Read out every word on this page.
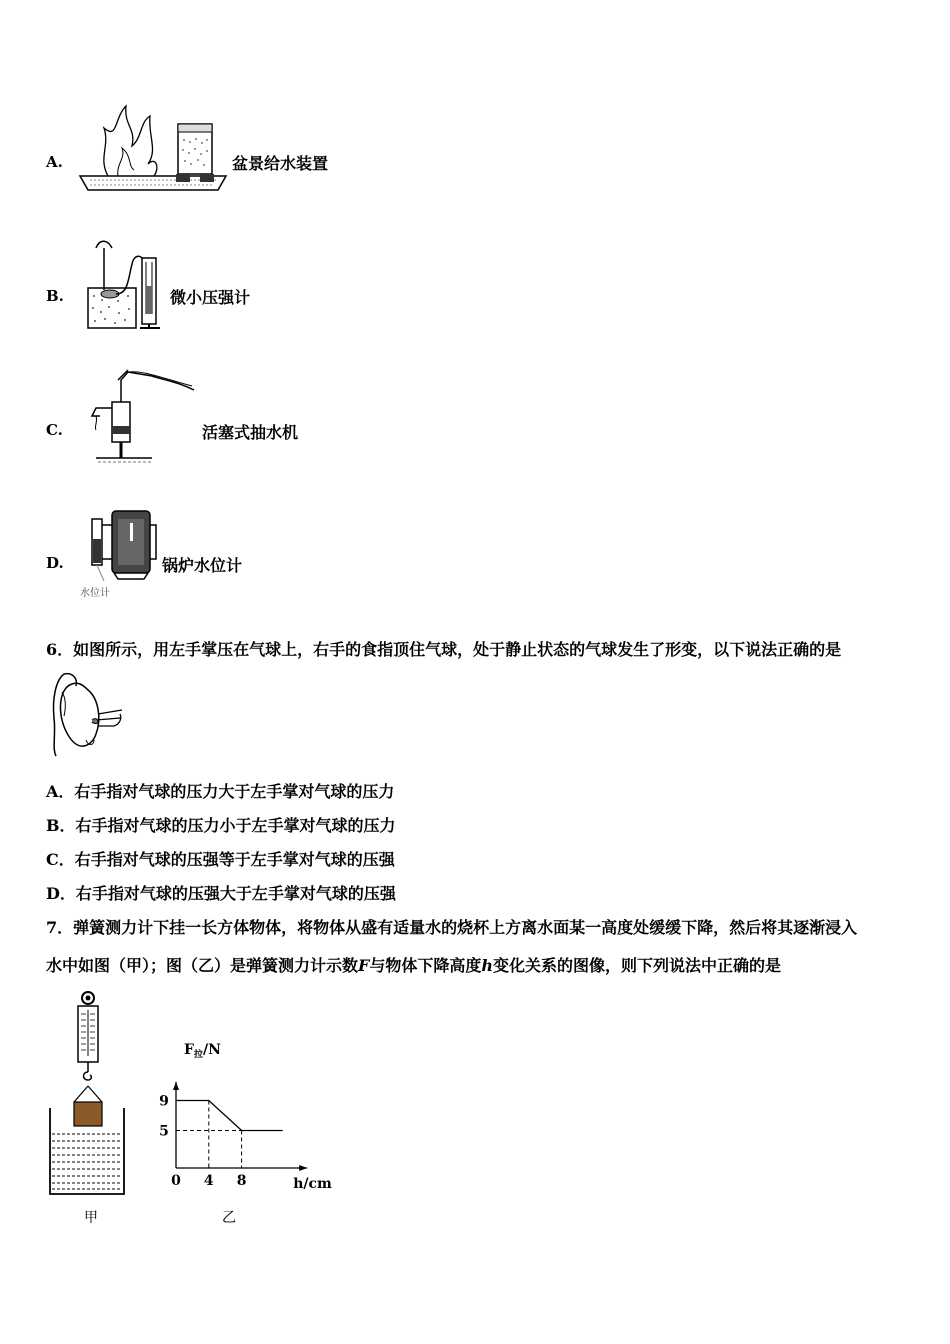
A.	盆景给水装置
B.	微小压强计
C.	活塞式抽水机
D.
水位计
锅炉水位计
6．如图所示，用左手掌压在气球上，右手的食指顶住气球，处于静止状态的气球发生了形变，以下说法正确的是
A．右手指对气球的压力大于左手掌对气球的压力
B．右手指对气球的压力小于左手掌对气球的压力
C．右手指对气球的压强等于左手掌对气球的压强
D．右手指对气球的压强大于左手掌对气球的压强
7．弹簧测力计下挂一长方体物体，将物体从盛有适量水的烧杯上方离水面某一高度处缓缓下降，然后将其逐渐浸入
水中如图（甲）；图（乙）是弹簧测力计示数F与物体下降高度h变化关系的图像，则下列说法中正确的是
甲
9
5
4 8
0
$F_拉/N$
h/cm
乙
